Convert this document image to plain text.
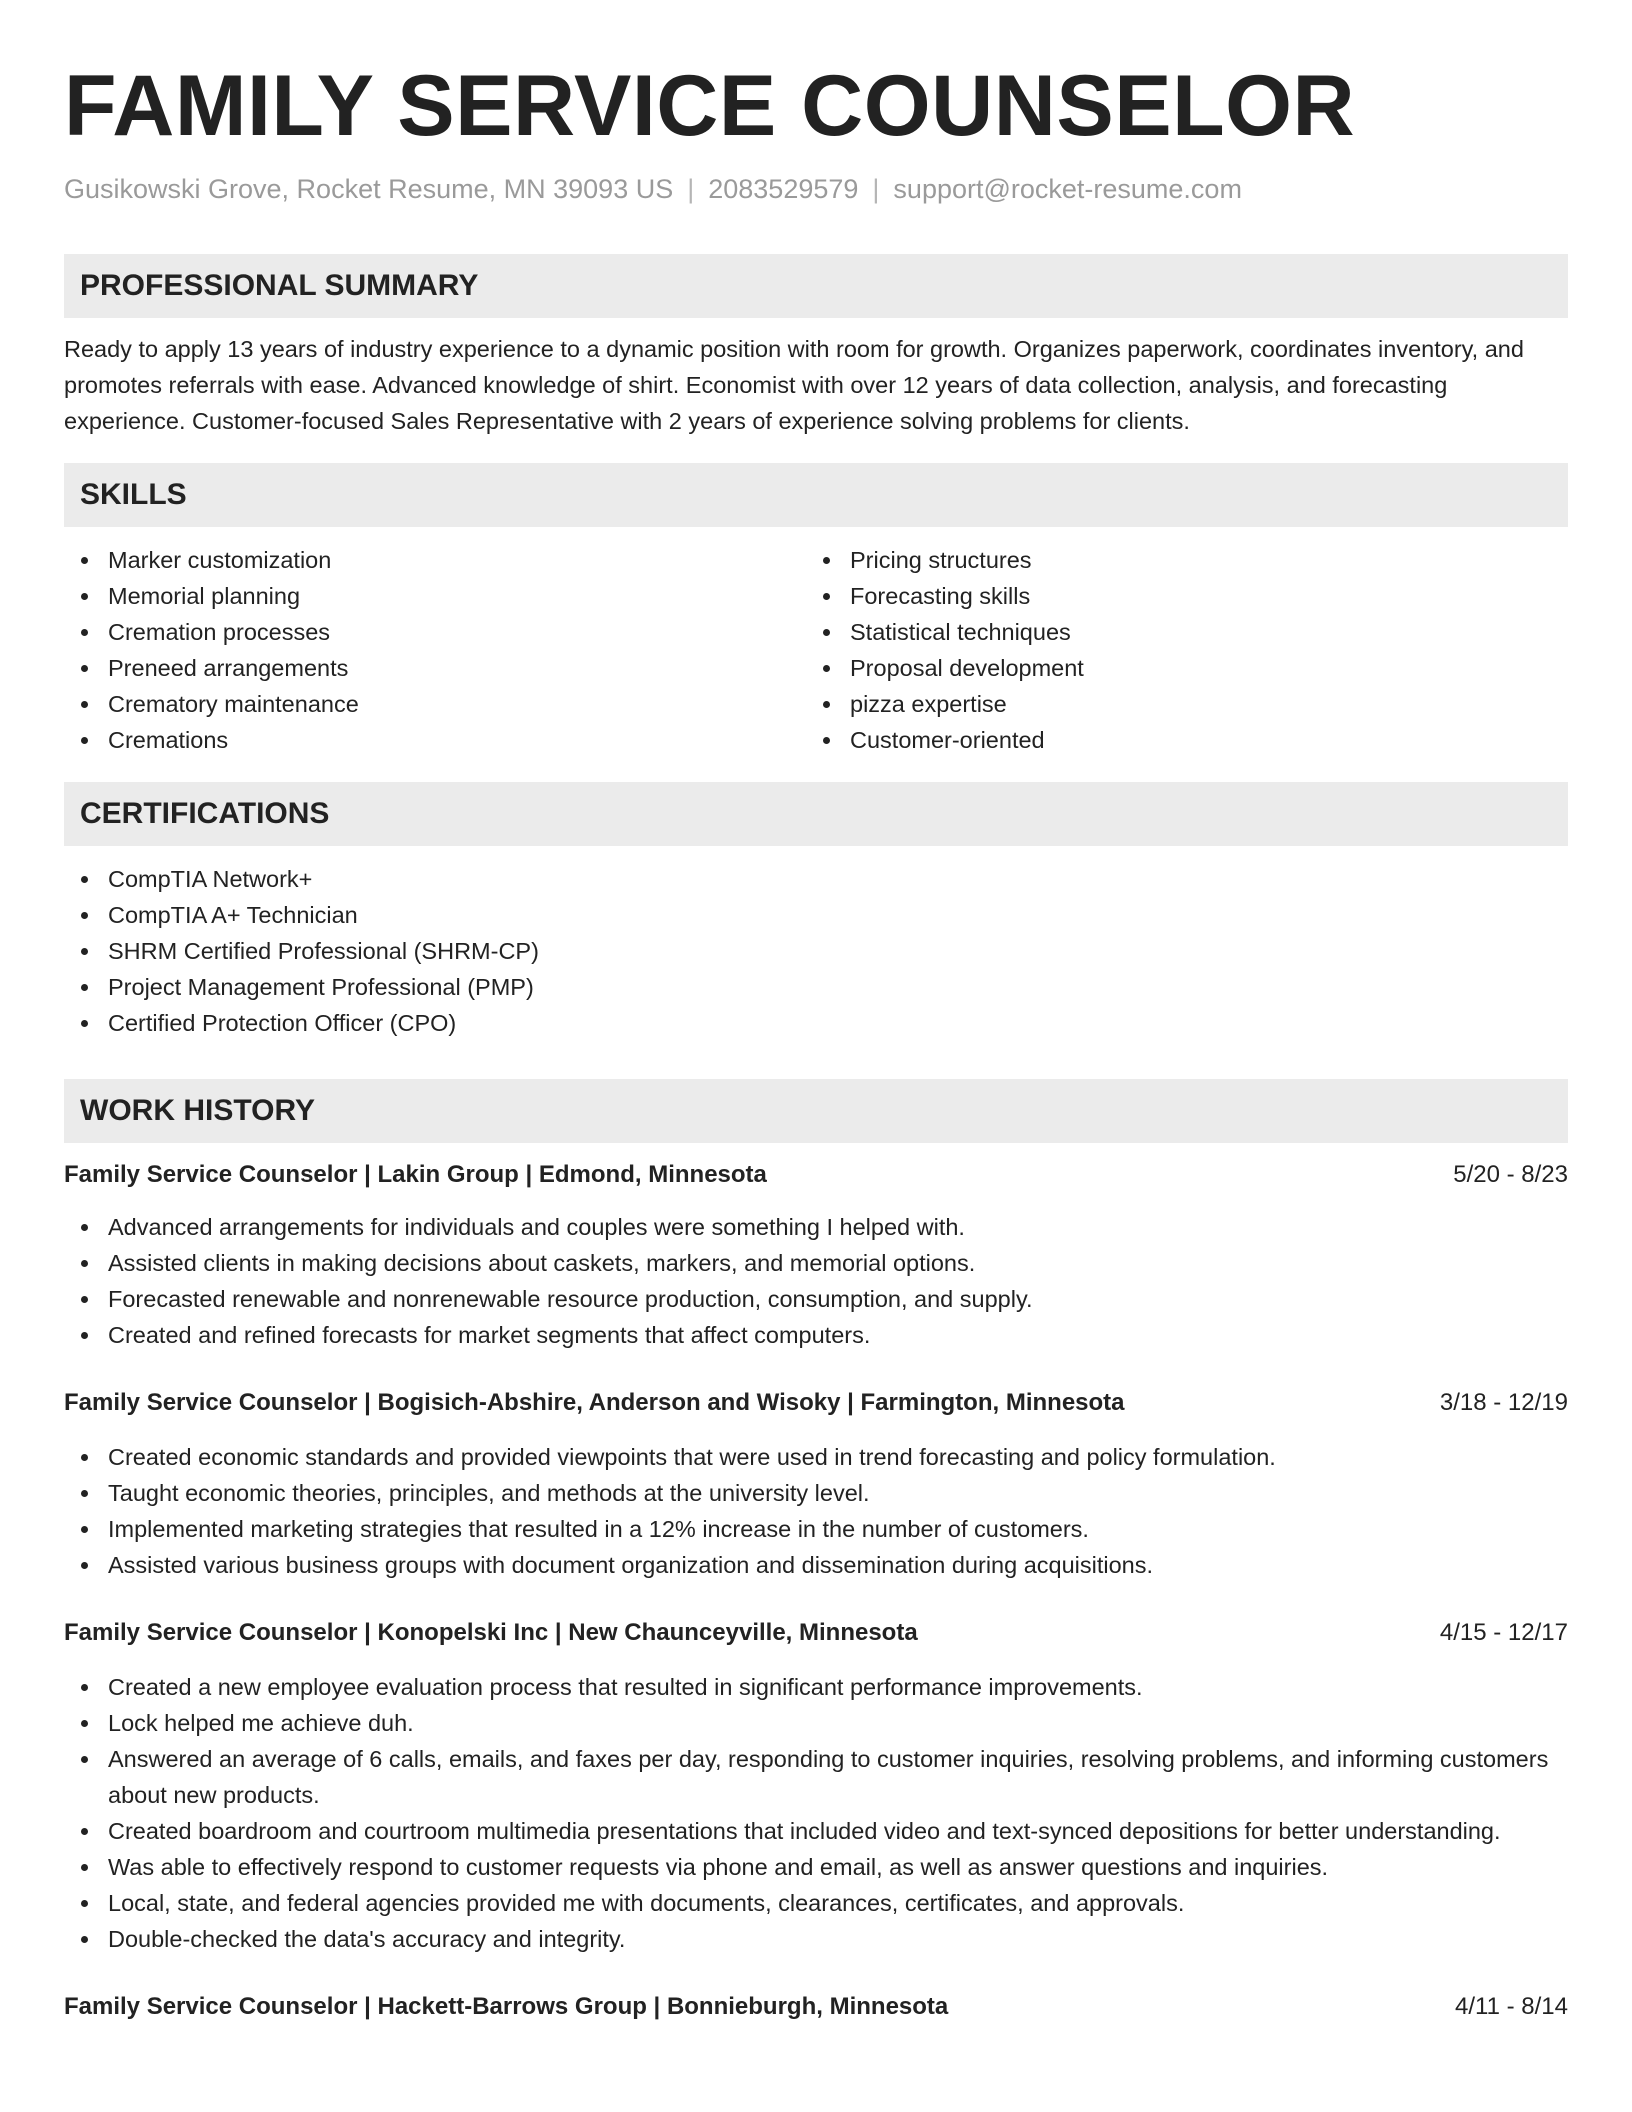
FAMILY SERVICE COUNSELOR
Gusikowski Grove, Rocket Resume, MN 39093 US | 2083529579 | support@rocket-resume.com
PROFESSIONAL SUMMARY

Ready to apply 13 years of industry experience to a dynamic position with room for growth. Organizes paperwork, coordinates inventory, and promotes referrals with ease. Advanced knowledge of shirt. Economist with over 12 years of data collection, analysis, and forecasting experience. Customer-focused Sales Representative with 2 years of experience solving problems for clients.

SKILLS
Marker customization
Memorial planning
Cremation processes
Preneed arrangements
Crematory maintenance
Cremations
Pricing structures
Forecasting skills
Statistical techniques
Proposal development
pizza expertise
Customer-oriented
CERTIFICATIONS
CompTIA Network+
CompTIA A+ Technician
SHRM Certified Professional (SHRM-CP)
Project Management Professional (PMP)
Certified Protection Officer (CPO)
WORK HISTORY
Family Service Counselor | Lakin Group | Edmond, Minnesota	5/20 - 8/23
Advanced arrangements for individuals and couples were something I helped with.
Assisted clients in making decisions about caskets, markers, and memorial options.
Forecasted renewable and nonrenewable resource production, consumption, and supply.
Created and refined forecasts for market segments that affect computers.
Family Service Counselor | Bogisich-Abshire, Anderson and Wisoky | Farmington, Minnesota	3/18 - 12/19
Created economic standards and provided viewpoints that were used in trend forecasting and policy formulation.
Taught economic theories, principles, and methods at the university level.
Implemented marketing strategies that resulted in a 12% increase in the number of customers.
Assisted various business groups with document organization and dissemination during acquisitions.
Family Service Counselor | Konopelski Inc | New Chaunceyville, Minnesota	4/15 - 12/17
Created a new employee evaluation process that resulted in significant performance improvements.
Lock helped me achieve duh.
Answered an average of 6 calls, emails, and faxes per day, responding to customer inquiries, resolving problems, and informing customers about new products.
Created boardroom and courtroom multimedia presentations that included video and text-synced depositions for better understanding.
Was able to effectively respond to customer requests via phone and email, as well as answer questions and inquiries.
Local, state, and federal agencies provided me with documents, clearances, certificates, and approvals.
Double-checked the data's accuracy and integrity.
Family Service Counselor | Hackett-Barrows Group | Bonnieburgh, Minnesota	4/11 - 8/14
